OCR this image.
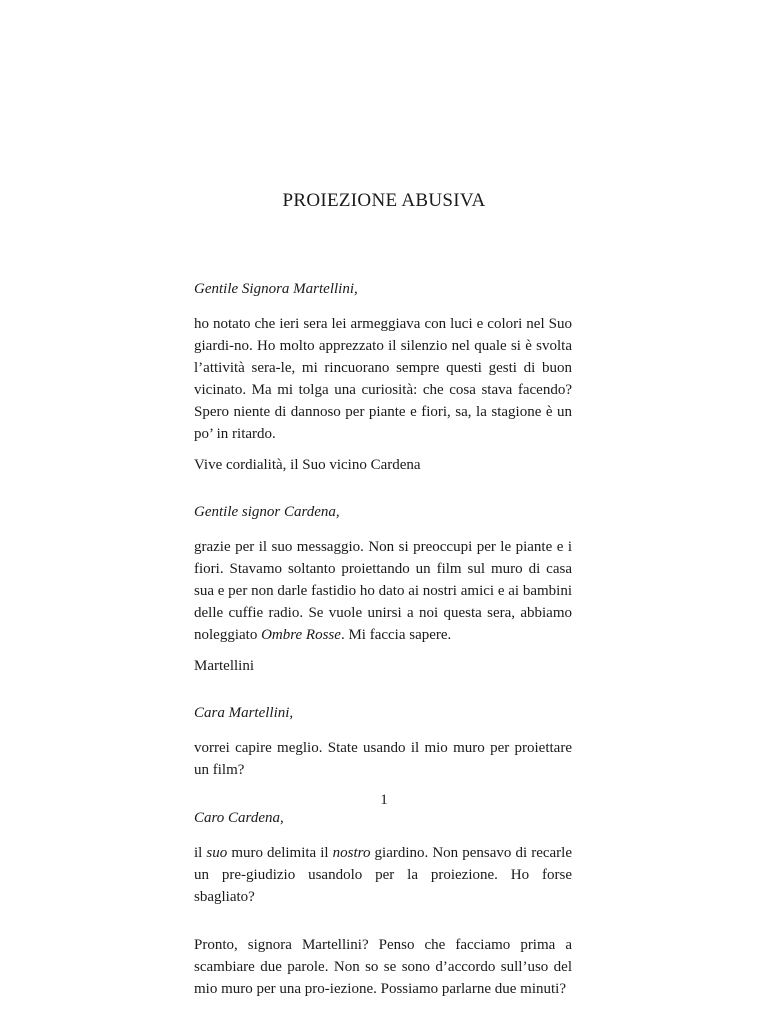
PROIEZIONE ABUSIVA

Gentile Signora Martellini,

ho notato che ieri sera lei armeggiava con luci e colori nel Suo giardi-no. Ho molto apprezzato il silenzio nel quale si è svolta l’attività sera-le, mi rincuorano sempre questi gesti di buon vicinato. Ma mi tolga una curiosità: che cosa stava facendo? Spero niente di dannoso per piante e fiori, sa, la stagione è un po’ in ritardo.

Vive cordialità, il Suo vicino Cardena

Gentile signor Cardena,

grazie per il suo messaggio. Non si preoccupi per le piante e i fiori. Stavamo soltanto proiettando un film sul muro di casa sua e per non darle fastidio ho dato ai nostri amici e ai bambini delle cuffie radio. Se vuole unirsi a noi questa sera, abbiamo noleggiato Ombre Rosse. Mi faccia sapere.

Martellini

Cara Martellini,

vorrei capire meglio. State usando il mio muro per proiettare un film?

Caro Cardena,

il suo muro delimita il nostro giardino. Non pensavo di recarle un pre-giudizio usandolo per la proiezione. Ho forse sbagliato?

Pronto, signora Martellini? Penso che facciamo prima a scambiare due parole. Non so se sono d’accordo sull’uso del mio muro per una pro-iezione. Possiamo parlarne due minuti?

1
